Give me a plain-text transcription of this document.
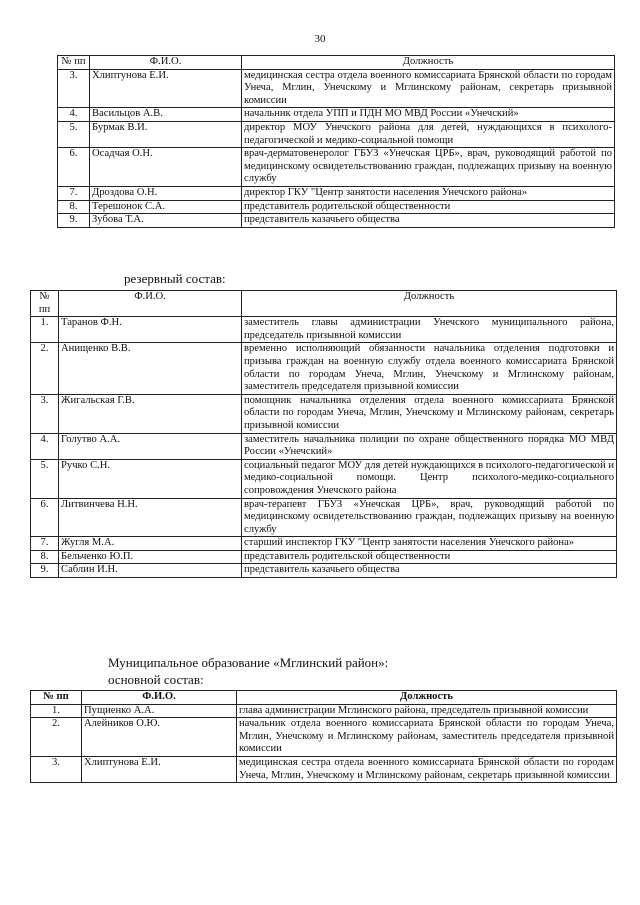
30
№ пп	Ф.И.О.	Должность
3.	Хлиптунова Е.И.	медицинская сестра отдела военного комиссариата Брянской области по городам Унеча, Мглин, Унечскому и Мглинскому районам, секретарь призывной комиссии
4.	Васильцов А.В.	начальник отдела УПП и ПДН МО МВД России «Унечский»
5.	Бурмак В.И.	директор МОУ Унечского района для детей, нуждающихся в психолого-педагогической и медико-социальной помощи
6.	Осадчая О.Н.	врач-дерматовенеролог ГБУЗ «Унечская ЦРБ», врач, руководящий работой по медицинскому освидетельствованию граждан, подлежащих призыву на военную службу
7.	Дроздова О.Н.	директор ГКУ "Центр занятости населения Унечского района»
8.	Терешонок С.А.	представитель родительской общественности
9.	Зубова Т.А.	представитель казачьего общества
резервный состав:
№ пп	Ф.И.О.	Должность
1.	Таранов Ф.Н.	заместитель главы администрации Унечского муниципального района, председатель призывной комиссии
2.	Анищенко В.В.	временно исполняющий обязанности начальника отделения подготовки и призыва граждан на военную службу отдела военного комиссариата Брянской области по городам Унеча, Мглин, Унечскому и Мглинскому районам, заместитель председателя призывной комиссии
3.	Жигальская Г.В.	помощник начальника отделения отдела военного комиссариата Брянской области по городам Унеча, Мглин, Унечскому и Мглинскому районам, секретарь призывной комиссии
4.	Голутво А.А.	заместитель начальника полиции по охране общественного порядка МО МВД России «Унечский»
5.	Ручко С.Н.	социальный педагог МОУ для детей нуждающихся в психолого-педагогической и медико-социальной помощи. Центр психолого-медико-социального сопровождения Унечского района
6.	Литвинчева Н.Н.	врач-терапевт ГБУЗ «Унечская ЦРБ», врач, руководящий работой по медицинскому освидетельствованию граждан, подлежащих призыву на военную службу
7.	Жугля М.А.	старший инспектор ГКУ "Центр занятости населения Унечского района»
8.	Бельченко Ю.П.	представитель родительской общественности
9.	Саблин И.Н.	представитель казачьего общества
Муниципальное образование «Мглинский район»:
основной состав:
№ пп	Ф.И.О.	Должность
1.	Пущиенко А.А.	глава администрации Мглинского района, председатель призывной комиссии
2.	Алейников О.Ю.	начальник отдела военного комиссариата Брянской области по городам Унеча, Мглин, Унечскому и Мглинскому районам, заместитель председателя призывной комиссии
3.	Хлиптунова Е.И.	медицинская сестра отдела военного комиссариата Брянской области по городам Унеча, Мглин, Унечскому и Мглинскому районам, секретарь призывной комиссии
